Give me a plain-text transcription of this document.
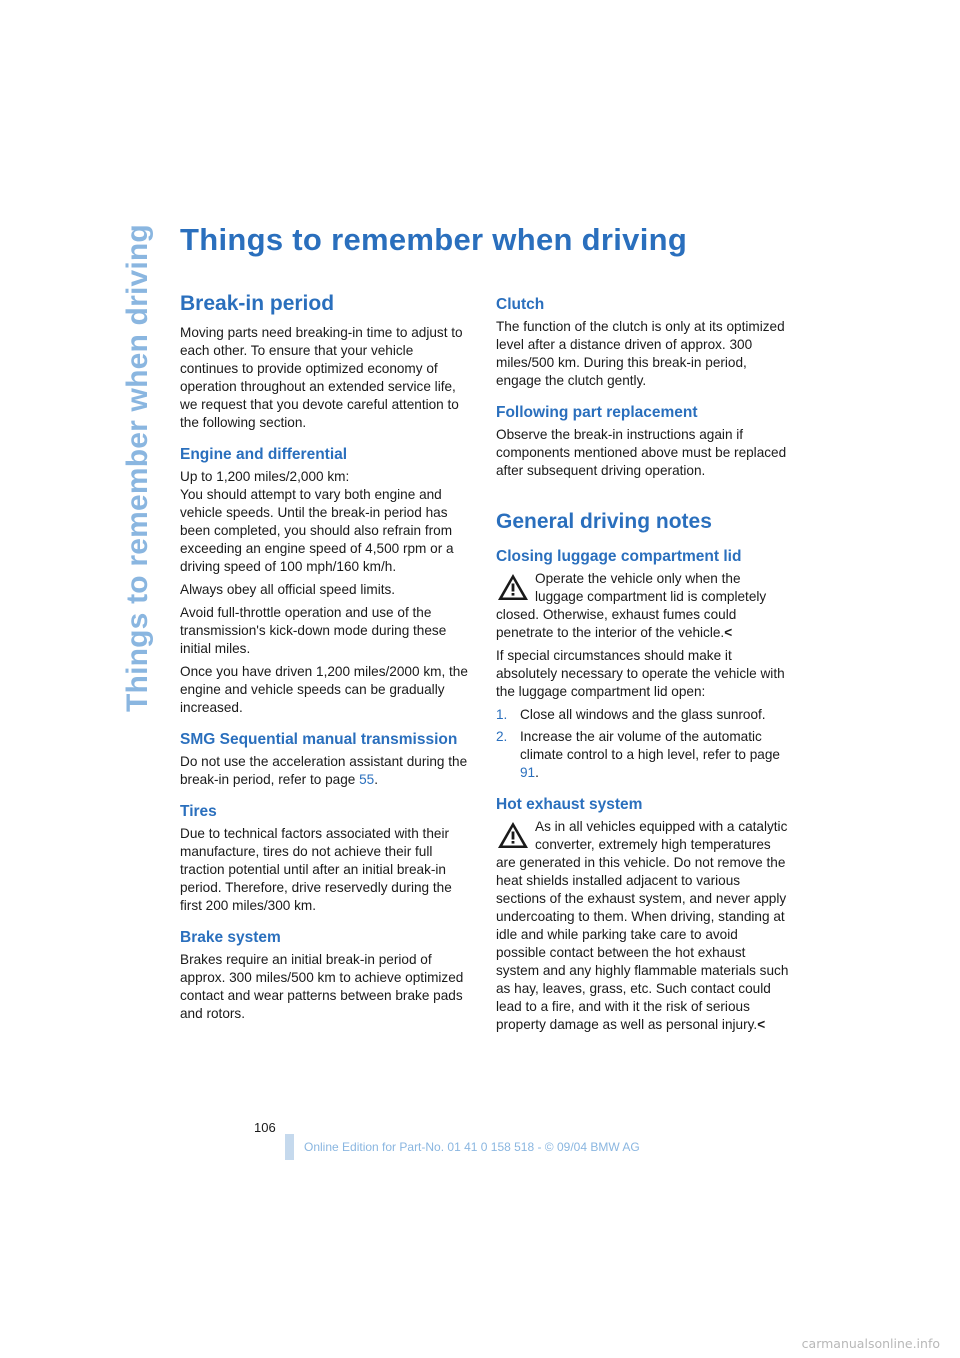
Things to remember when driving Things to remember when driving
Break-in period

Moving parts need breaking-in time to adjust to each other. To ensure that your vehicle continues to provide optimized economy of operation throughout an extended service life, we request that you devote careful attention to the following section.

Engine and differential

Up to 1,200 miles/2,000 km:

You should attempt to vary both engine and vehicle speeds. Until the break-in period has been completed, you should also refrain from exceeding an engine speed of 4,500 rpm or a driving speed of 100 mph/160 km/h.

Always obey all official speed limits.

Avoid full-throttle operation and use of the transmission's kick-down mode during these initial miles.

Once you have driven 1,200 miles/2000 km, the engine and vehicle speeds can be gradually increased.

SMG Sequential manual transmission

Do not use the acceleration assistant during the break-in period, refer to page 55.

Tires

Due to technical factors associated with their manufacture, tires do not achieve their full traction potential until after an initial break-in period. Therefore, drive reservedly during the first 200 miles/300 km.

Brake system

Brakes require an initial break-in period of approx. 300 miles/500 km to achieve optimized contact and wear patterns between brake pads and rotors.

Clutch

The function of the clutch is only at its optimized level after a distance driven of approx. 300 miles/500 km. During this break-in period, engage the clutch gently.

Following part replacement

Observe the break-in instructions again if components mentioned above must be replaced after subsequent driving operation.

General driving notes
Closing luggage compartment lid
Operate the vehicle only when the luggage compartment lid is completely closed. Otherwise, exhaust fumes could penetrate to the interior of the vehicle.<

If special circumstances should make it absolutely necessary to operate the vehicle with the luggage compartment lid open:

1. Close all windows and the glass sunroof.
2. Increase the air volume of the automatic climate control to a high level, refer to page 91.
Hot exhaust system
As in all vehicles equipped with a catalytic converter, extremely high temperatures are generated in this vehicle. Do not remove the heat shields installed adjacent to various sections of the exhaust system, and never apply undercoating to them. When driving, standing at idle and while parking take care to avoid possible contact between the hot exhaust system and any highly flammable materials such as hay, leaves, grass, etc. Such contact could lead to a fire, and with it the risk of serious property damage as well as personal injury.<
106
Online Edition for Part-No. 01 41 0 158 518 - © 09/04 BMW AG
carmanualsonline.info
